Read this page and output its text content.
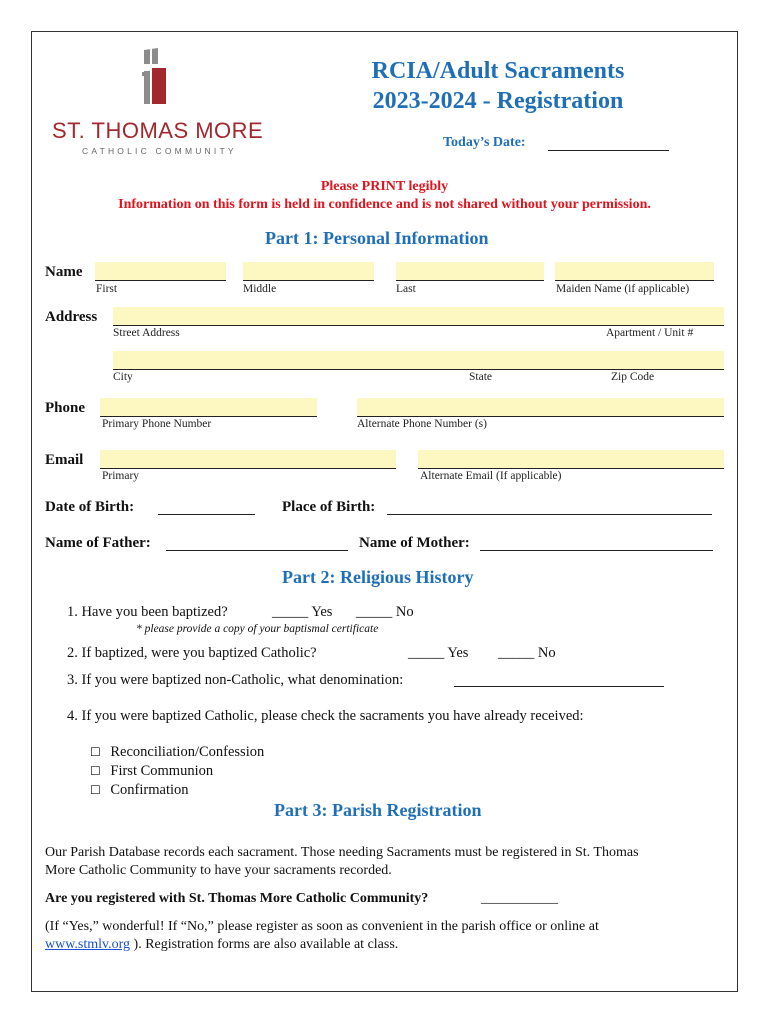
ST. THOMAS MORE
CATHOLIC COMMUNITY
RCIA/Adult Sacraments
2023-2024 - Registration
Today’s Date:
Please PRINT legibly
Information on this form is held in confidence and is not shared without your permission.
Part 1: Personal Information
Name
First	Middle	Last	Maiden Name (if applicable)
Address
Street Address	Apartment / Unit #
City	State	Zip Code
Phone
Primary Phone Number	Alternate Phone Number (s)
Email
Primary	Alternate Email (If applicable)
Date of Birth:	Place of Birth:
Name of Father:	Name of Mother:
Part 2: Religious History
1. Have you been baptized?	_____ Yes _____ No
* please provide a copy of your baptismal certificate
2. If baptized, were you baptized Catholic?	_____ Yes _____ No
3. If you were baptized non-Catholic, what denomination:
4. If you were baptized Catholic, please check the sacraments you have already received:
☐ Reconciliation/Confession
☐ First Communion
☐ Confirmation
Part 3: Parish Registration
Our Parish Database records each sacrament. Those needing Sacraments must be registered in St. Thomas
More Catholic Community to have your sacraments recorded.
Are you registered with St. Thomas More Catholic Community?	___________
(If “Yes,” wonderful! If “No,” please register as soon as convenient in the parish office or online at
www.stmlv.org ). Registration forms are also available at class.
